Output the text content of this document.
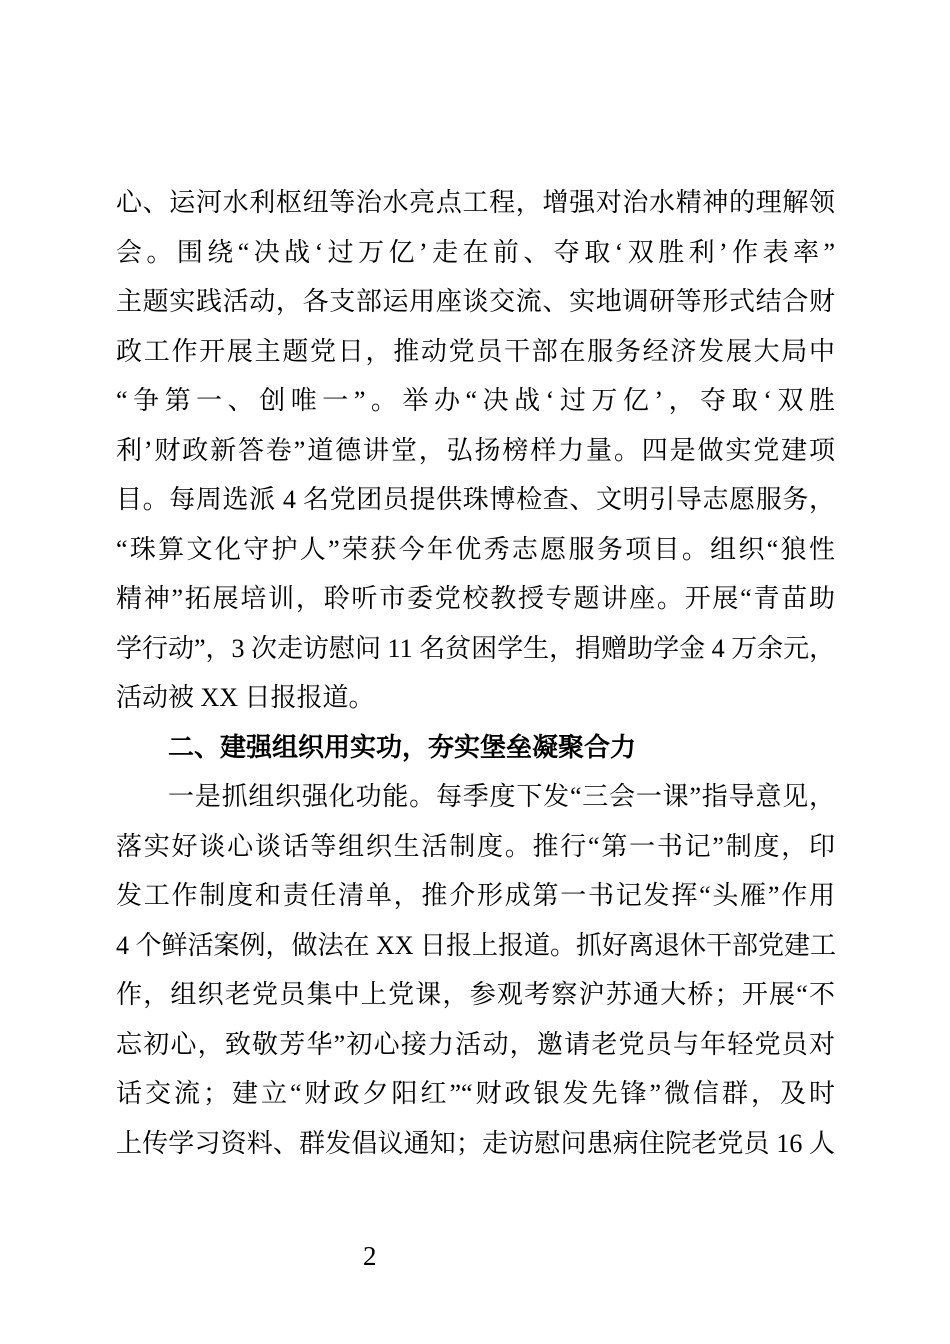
心、运河水利枢纽等治水亮点工程，增强对治水精神的理解领
会。围绕“决战‘过万亿’走在前、夺取‘双胜利’作表率”
主题实践活动，各支部运用座谈交流、实地调研等形式结合财
政工作开展主题党日，推动党员干部在服务经济发展大局中
“争第一、创唯一”。举办“决战‘过万亿’，夺取‘双胜
利’财政新答卷”道德讲堂，弘扬榜样力量。四是做实党建项
目。每周选派 4 名党团员提供珠博检查、文明引导志愿服务，
“珠算文化守护人”荣获今年优秀志愿服务项目。组织“狼性
精神”拓展培训，聆听市委党校教授专题讲座。开展“青苗助
学行动”，3 次走访慰问 11 名贫困学生，捐赠助学金 4 万余元，
活动被 XX 日报报道。
二、建强组织用实功，夯实堡垒凝聚合力
一是抓组织强化功能。每季度下发“三会一课”指导意见，
落实好谈心谈话等组织生活制度。推行“第一书记”制度，印
发工作制度和责任清单，推介形成第一书记发挥“头雁”作用
4 个鲜活案例，做法在 XX 日报上报道。抓好离退休干部党建工
作，组织老党员集中上党课，参观考察沪苏通大桥；开展“不
忘初心，致敬芳华”初心接力活动，邀请老党员与年轻党员对
话交流；建立“财政夕阳红”“财政银发先锋”微信群，及时
上传学习资料、群发倡议通知；走访慰问患病住院老党员 16 人
2
